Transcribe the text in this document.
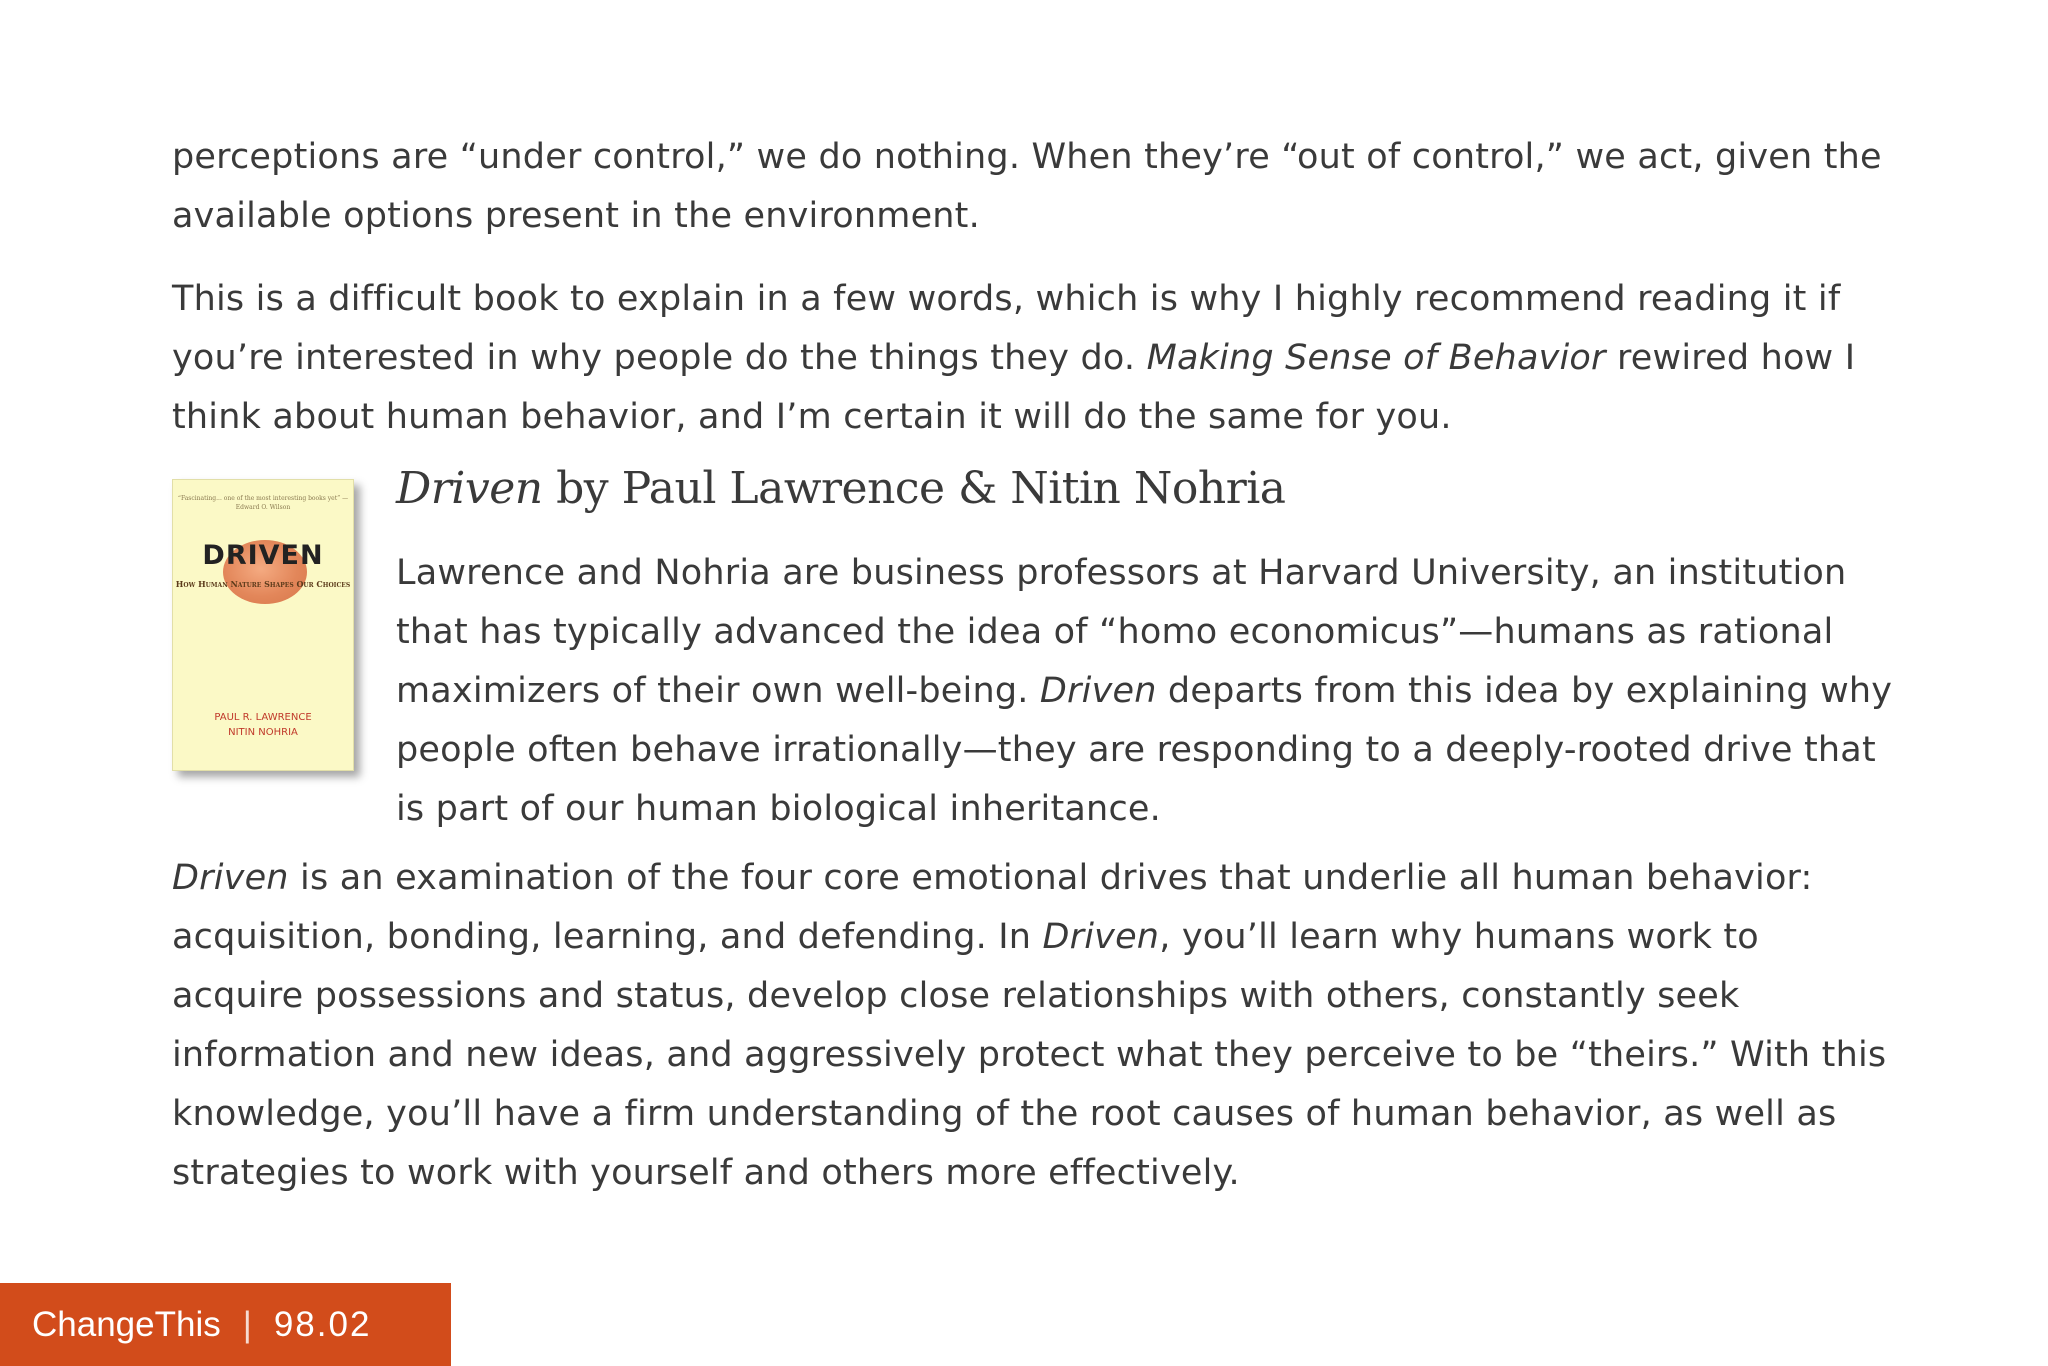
perceptions are “under control,” we do nothing. When they’re “out of control,” we act, given the available options present in the environment.

This is a difficult book to explain in a few words, which is why I highly recommend reading it if you’re interested in why people do the things they do. Making Sense of Behavior rewired how I think about human behavior, and I’m certain it will do the same for you.

“Fascinating... one of the most interesting books yet” — Edward O. Wilson
DRIVEN
How Human Nature Shapes Our Choices
PAUL R. LAWRENCE
NITIN NOHRIA
Driven by Paul Lawrence & Nitin Nohria

Lawrence and Nohria are business professors at Harvard University, an institution that has typically advanced the idea of “homo economicus”—humans as rational maximizers of their own well-being. Driven departs from this idea by explaining why people often behave irrationally—they are responding to a deeply-rooted drive that is part of our human biological inheritance.

Driven is an examination of the four core emotional drives that underlie all human behavior: acquisition, bonding, learning, and defending. In Driven, you’ll learn why humans work to acquire possessions and status, develop close relationships with others, constantly seek information and new ideas, and aggressively protect what they perceive to be “theirs.” With this knowledge, you’ll have a firm understanding of the root causes of human behavior, as well as strategies to work with yourself and others more effectively.

ChangeThis | 98.02
